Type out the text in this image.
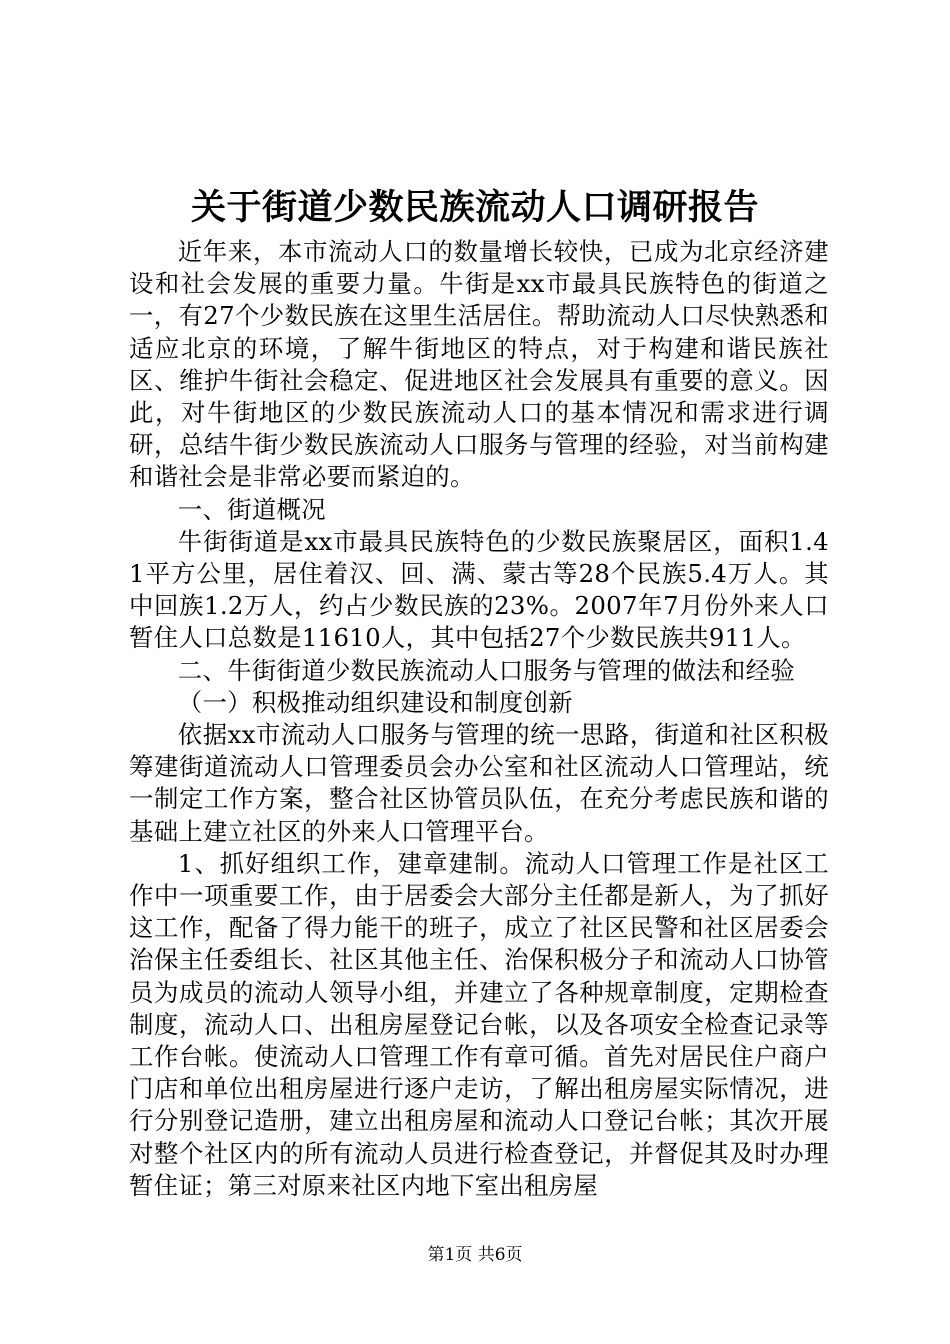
关于街道少数民族流动人口调研报告

近年来，本市流动人口的数量增长较快，已成为北京经济建设和社会发展的重要力量。牛街是xx市最具民族特色的街道之一，有27个少数民族在这里生活居住。帮助流动人口尽快熟悉和适应北京的环境，了解牛街地区的特点，对于构建和谐民族社区、维护牛街社会稳定、促进地区社会发展具有重要的意义。因此，对牛街地区的少数民族流动人口的基本情况和需求进行调研，总结牛街少数民族流动人口服务与管理的经验，对当前构建和谐社会是非常必要而紧迫的。

一、街道概况

牛街街道是xx市最具民族特色的少数民族聚居区，面积1.41平方公里，居住着汉、回、满、蒙古等28个民族5.4万人。其中回族1.2万人，约占少数民族的23%。2007年7月份外来人口暂住人口总数是11610人，其中包括27个少数民族共911人。

二、牛街街道少数民族流动人口服务与管理的做法和经验

（一）积极推动组织建设和制度创新

依据xx市流动人口服务与管理的统一思路，街道和社区积极筹建街道流动人口管理委员会办公室和社区流动人口管理站，统一制定工作方案，整合社区协管员队伍，在充分考虑民族和谐的基础上建立社区的外来人口管理平台。

1、抓好组织工作，建章建制。流动人口管理工作是社区工作中一项重要工作，由于居委会大部分主任都是新人，为了抓好这工作，配备了得力能干的班子，成立了社区民警和社区居委会治保主任委组长、社区其他主任、治保积极分子和流动人口协管员为成员的流动人领导小组，并建立了各种规章制度，定期检查制度，流动人口、出租房屋登记台帐，以及各项安全检查记录等工作台帐。使流动人口管理工作有章可循。首先对居民住户商户门店和单位出租房屋进行逐户走访，了解出租房屋实际情况，进行分别登记造册，建立出租房屋和流动人口登记台帐；其次开展对整个社区内的所有流动人员进行检查登记，并督促其及时办理暂住证；第三对原来社区内地下室出租房屋

第1页 共6页
